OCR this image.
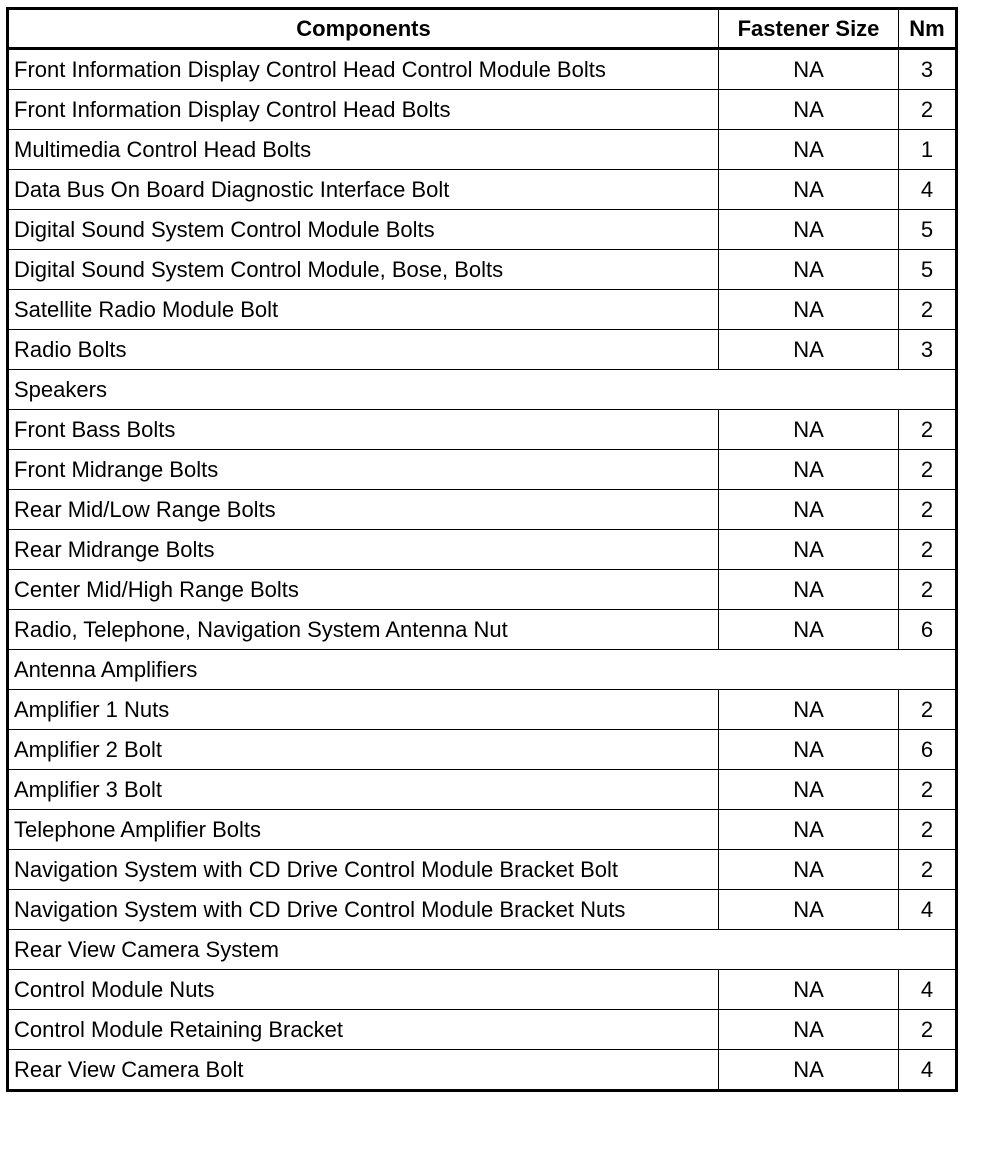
Components	Fastener Size	Nm
Front Information Display Control Head Control Module Bolts	NA	3
Front Information Display Control Head Bolts	NA	2
Multimedia Control Head Bolts	NA	1
Data Bus On Board Diagnostic Interface Bolt	NA	4
Digital Sound System Control Module Bolts	NA	5
Digital Sound System Control Module, Bose, Bolts	NA	5
Satellite Radio Module Bolt	NA	2
Radio Bolts	NA	3
Speakers		
Front Bass Bolts	NA	2
Front Midrange Bolts	NA	2
Rear Mid/Low Range Bolts	NA	2
Rear Midrange Bolts	NA	2
Center Mid/High Range Bolts	NA	2
Radio, Telephone, Navigation System Antenna Nut	NA	6
Antenna Amplifiers		
Amplifier 1 Nuts	NA	2
Amplifier 2 Bolt	NA	6
Amplifier 3 Bolt	NA	2
Telephone Amplifier Bolts	NA	2
Navigation System with CD Drive Control Module Bracket Bolt	NA	2
Navigation System with CD Drive Control Module Bracket Nuts	NA	4
Rear View Camera System		
Control Module Nuts	NA	4
Control Module Retaining Bracket	NA	2
Rear View Camera Bolt	NA	4
